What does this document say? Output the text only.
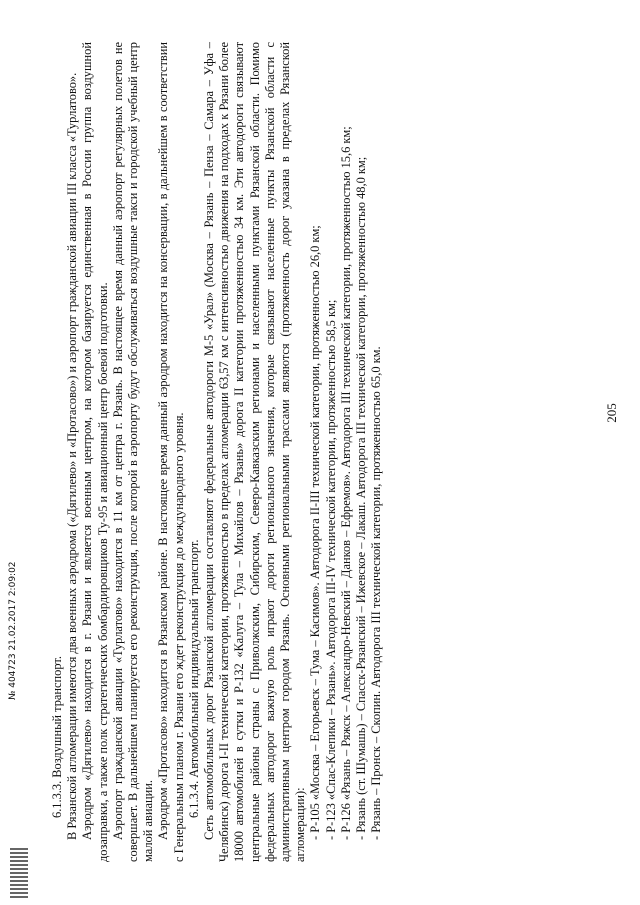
205

6.1.3.3. Воздушный транспорт. В Рязанской агломерации имеются два военных аэродрома («Дягилево» и «Протасово») и аэропорт гражданской авиации III класса «Турлатово». Аэродром «Дягилево» находится в г. Рязани и является военным центром, на котором базируется единственная в России группа воздушной дозаправки, а также полк стратегических бомбардировщиков Ту-95 и авиационный центр боевой подготовки. Аэропорт гражданской авиации «Турлатово» находится в 11 км от центра г. Рязань. В настоящее время данный аэропорт регулярных полетов не совершает. В дальнейшем планируется его реконструкция, после которой в аэропорту будут обслуживаться воздушные такси и городской учебный центр малой авиации. Аэродром «Протасово» находится в Рязанском районе. В настоящее время данный аэродром находится на консервации, в дальнейшем в соответствии с Генеральным планом г. Рязани его ждет реконструкция до международного уровня. 6.1.3.4. Автомобильный индивидуальный транспорт. Сеть автомобильных дорог Рязанской агломерации составляют федеральные автодороги М-5 «Урал» (Москва – Рязань – Пенза – Самара – Уфа – Челябинск) дорога I-II технической категории, протяженностью в пределах агломерации 63,57 км с интенсивностью движения на подходах к Рязани более 18000 автомобилей в сутки и Р-132 «Калуга – Тула – Михайлов – Рязань» дорога II категории протяженностью 34 км. Эти автодороги связывают центральные районы страны с Приволжским, Сибирским, Северо-Кавказским регионами и населенными пунктами Рязанской области. Помимо федеральных автодорог важную роль играют дороги регионального значения, которые связывают населенные пункты Рязанской области с административным центром городом Рязань. Основными региональными трассами являются (протяженность дорог указана в пределах Рязанской агломерации): - Р-105 «Москва – Егорьевск – Тума – Касимов». Автодорога II-III технической категории, протяженностью 26,0 км; - Р-123 «Спас-Клепики – Рязань». Автодорога III-IV технической категории, протяженностью 58,5 км; - Р-126 «Рязань – Ряжск – Александро-Невский – Данков – Ефремов». Автодорога III технической категории, протяженностью 15,6 км; - Рязань (ст. Шумашь) – Спасск-Рязанский – Ижевское – Лакаш. Автодорога III технической категории, протяженностью 48,0 км; - Рязань – Пронск – Скопин. Автодорога III технической категории, протяженностью 65,0 км.

№ 404723 21.02.2017 2:09:02
